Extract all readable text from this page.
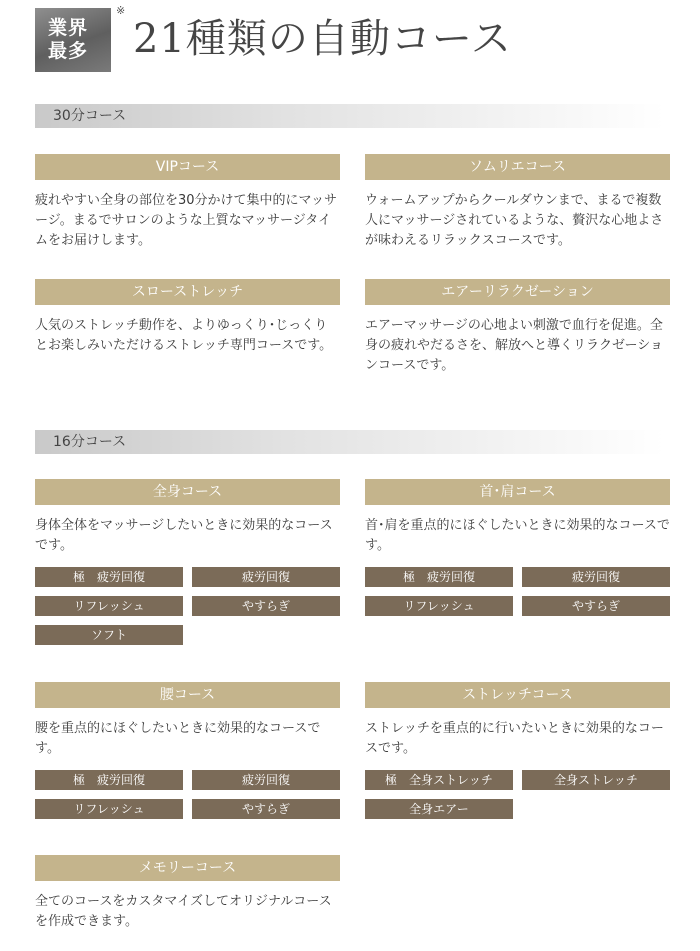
業界
最多
※
21種類の自動コース
30分コース
VIPコース

疲れやすい全身の部位を30分かけて集中的にマッサージ。まるでサロンのような上質なマッサージタイムをお届けします。

ソムリエコース

ウォームアップからクールダウンまで、まるで複数人にマッサージされているような、贅沢な心地よさが味わえるリラックスコースです。

スローストレッチ

人気のストレッチ動作を、よりゆっくり･じっくりとお楽しみいただけるストレッチ専門コースです。

エアーリラクゼーション

エアーマッサージの心地よい刺激で血行を促進。全身の疲れやだるさを、解放へと導くリラクゼーションコースです。

16分コース
全身コース

身体全体をマッサージしたいときに効果的なコースです。

極　疲労回復	疲労回復
リフレッシュ	やすらぎ
ソフト
首･肩コース

首･肩を重点的にほぐしたいときに効果的なコースです。

極　疲労回復	疲労回復
リフレッシュ	やすらぎ
腰コース

腰を重点的にほぐしたいときに効果的なコースです。

極　疲労回復	疲労回復
リフレッシュ	やすらぎ
ストレッチコース

ストレッチを重点的に行いたいときに効果的なコースです。

極　全身ストレッチ	全身ストレッチ
全身エアー
メモリーコース

全てのコースをカスタマイズしてオリジナルコースを作成できます。
